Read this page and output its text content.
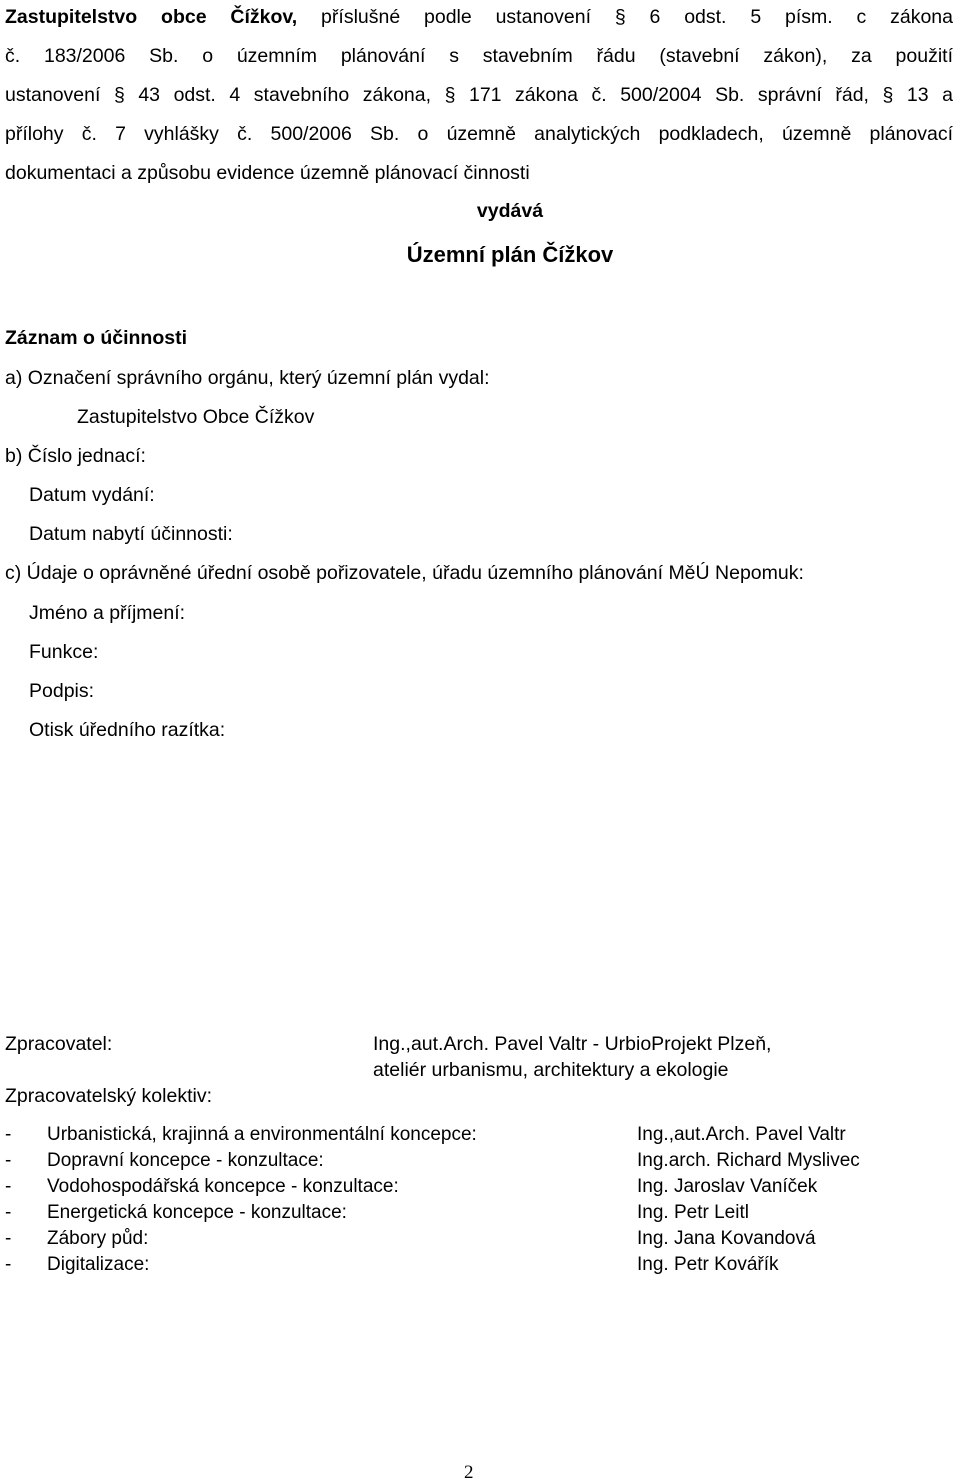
Zastupitelstvo obce Čížkov, příslušné podle ustanovení § 6 odst. 5 písm. c zákona
č. 183/2006 Sb. o územním plánování s stavebním řádu (stavební zákon), za použití
ustanovení § 43 odst. 4 stavebního zákona, § 171 zákona č. 500/2004 Sb. správní řád, § 13 a
přílohy č. 7 vyhlášky č. 500/2006 Sb. o územně analytických podkladech, územně plánovací
dokumentaci a způsobu evidence územně plánovací činnosti
vydává
Územní plán Čížkov
Záznam o účinnosti
a) Označení správního orgánu, který územní plán vydal:
Zastupitelstvo Obce Čížkov
b) Číslo jednací:
Datum vydání:
Datum nabytí účinnosti:
c) Údaje o oprávněné úřední osobě pořizovatele, úřadu územního plánování MěÚ Nepomuk:
Jméno a příjmení:
Funkce:
Podpis:
Otisk úředního razítka:
Zpracovatel:	Ing.,aut.Arch. Pavel Valtr - UrbioProjekt Plzeň,
ateliér urbanismu, architektury a ekologie
Zpracovatelský kolektiv:
- Urbanistická, krajinná a environmentální koncepce:	Ing.,aut.Arch. Pavel Valtr
- Dopravní koncepce - konzultace:	Ing.arch. Richard Myslivec
- Vodohospodářská koncepce - konzultace:	Ing. Jaroslav Vaníček
- Energetická koncepce - konzultace:	Ing. Petr Leitl
- Zábory půd:	Ing. Jana Kovandová
- Digitalizace:	Ing. Petr Kovářík
2
